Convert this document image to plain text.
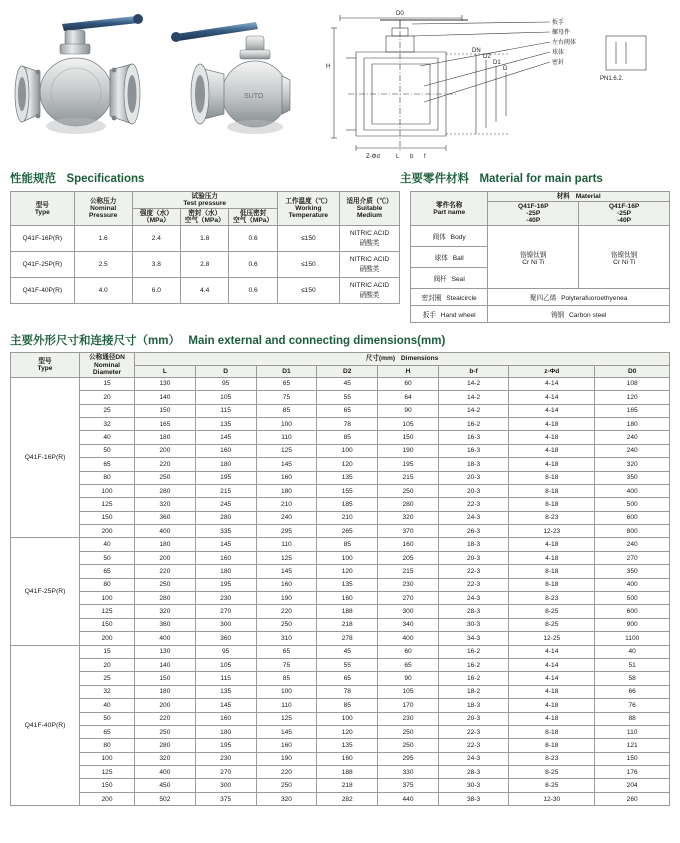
SUTO
D0
H
DN
D2
D1
D
L
Z-Φd	b f
扳手
螺母件
左右阀体
球体
密封
PN1.6.2.
性能规范 Specifications	主要零件材料 Material for main parts
型号
Type	公称压力
Nominal
Pressure	试验压力
Test pressure			工作温度（℃）
Working
Temperature	适用介质（℃）
Suitable
Medium

		强度（水）
（MPa）	密封（水）
空气（MPa）	低压密封
空气（MPa）		

Q41F-16P(R)	1.6	2.4	1.8	0.6	≤150	NITRIC ACID
硝酸类

Q41F-25P(R)	2.5	3.8	2.8	0.6	≤150	NITRIC ACID
硝酸类

Q41F-40P(R)	4.0	6.0	4.4	0.6	≤150	NITRIC ACID
硝酸类
零件名称
Part name	材料 Material	

	Q41F-16P
-25P
-40P	Q41F-16P
-25P
-40P

阀体 Body	铬镍钛钢
Cr Ni Ti	铬镍钛钢
Cr Ni Ti

球体 Ball		
阀杆 Seal		
密封圈 Stealcircle	聚四乙烯 Polyterafuoroethyenea	
扳手 Hand wheel	铸钢 Carbon steel	
主要外形尺寸和连接尺寸（mm） Main external and connecting dimensions(mm)
型号
Type	公称通径DN
Nominal
Diameter	尺寸(mm) Dimensions							
		L	D	D1	D2	H	b-f	z-Φd	D0
Q41F-16P(R)	15	130	95	65	45	60	14-2	4-14	108
	20	140	105	75	55	64	14-2	4-14	120
	25	150	115	85	65	90	14-2	4-14	165
	32	165	135	100	78	105	16-2	4-18	180
	40	180	145	110	85	150	16-3	4-18	240
	50	200	160	125	100	190	16-3	4-18	240
	65	220	180	145	120	195	18-3	4-18	320
	80	250	195	160	135	215	20-3	8-18	350
	100	280	215	180	155	250	20-3	8-18	400
	125	320	245	210	185	280	22-3	8-18	500
	150	360	280	240	210	320	24-3	8-23	600
	200	400	335	295	265	370	26-3	12-23	800
Q41F-25P(R)	40	180	145	110	85	160	18-3	4-18	240
	50	200	160	125	100	205	20-3	4-18	270
	65	220	180	145	120	215	22-3	8-18	350
	80	250	195	160	135	230	22-3	8-18	400
	100	280	230	190	160	270	24-3	8-23	500
	125	320	270	220	188	300	28-3	8-25	600
	150	360	300	250	218	340	30-3	8-25	900
	200	400	360	310	278	400	34-3	12-25	1100
Q41F-40P(R)	15	130	95	65	45	60	16-2	4-14	40
	20	140	105	75	55	65	16-2	4-14	51
	25	150	115	85	65	90	16-2	4-14	58
	32	180	135	100	78	105	18-2	4-18	66
	40	200	145	110	85	170	18-3	4-18	76
	50	220	160	125	100	230	20-3	4-18	88
	65	250	180	145	120	250	22-3	8-18	110
	80	280	195	160	135	250	22-3	8-18	121
	100	320	230	190	160	295	24-3	8-23	150
	125	400	270	220	188	330	28-3	8-25	176
	150	450	300	250	218	375	30-3	8-25	204
	200	502	375	320	282	440	38-3	12-30	260
